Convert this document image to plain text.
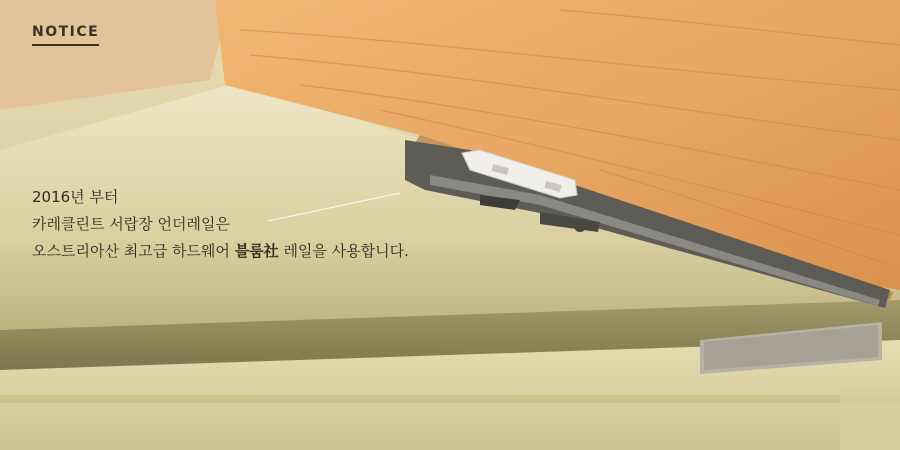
NOTICE
2016년 부터
카레클린트 서랍장 언더레일은
오스트리아산 최고급 하드웨어 블룸社 레일을 사용합니다.
